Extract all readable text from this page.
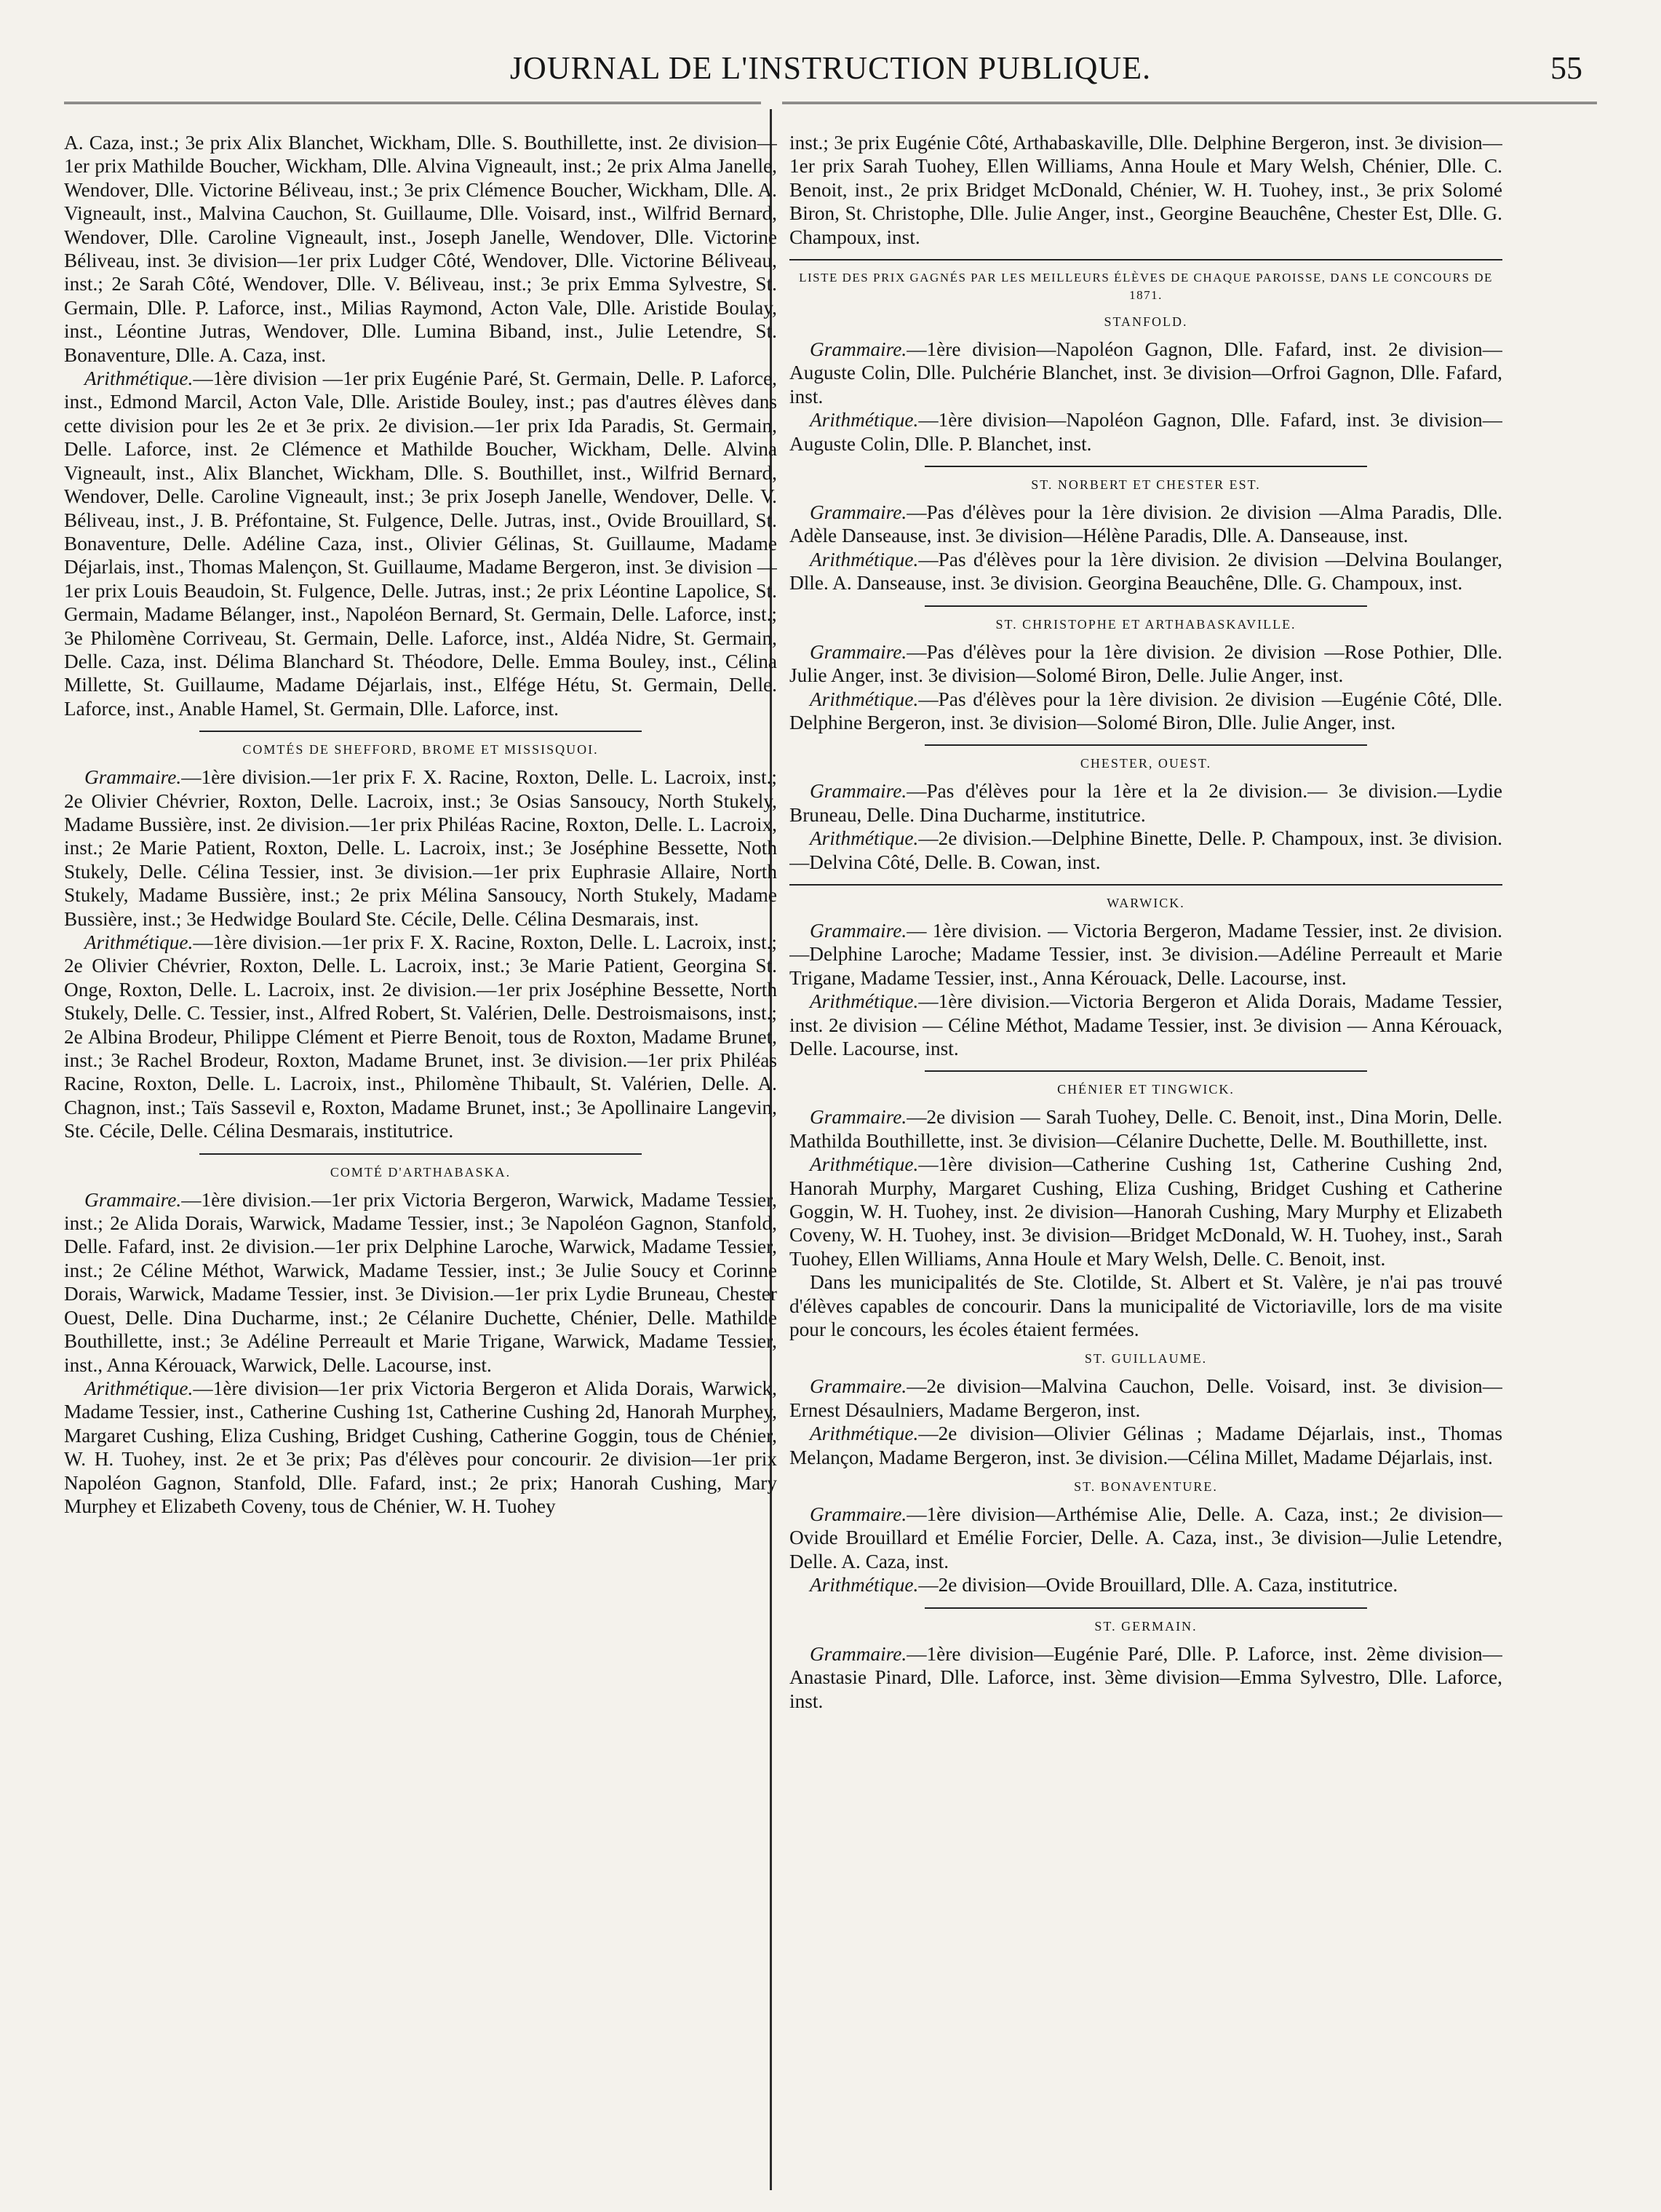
JOURNAL DE L'INSTRUCTION PUBLIQUE.	55

A. Caza, inst.; 3e prix Alix Blanchet, Wickham, Dlle. S. Bouthillette, inst. 2e division—1er prix Mathilde Boucher, Wickham, Dlle. Alvina Vigneault, inst.; 2e prix Alma Janelle, Wendover, Dlle. Victorine Béliveau, inst.; 3e prix Clémence Boucher, Wickham, Dlle. A. Vigneault, inst., Malvina Cauchon, St. Guillaume, Dlle. Voisard, inst., Wilfrid Bernard, Wendover, Dlle. Caroline Vigneault, inst., Joseph Janelle, Wendover, Dlle. Victorine Béliveau, inst. 3e division—1er prix Ludger Côté, Wendover, Dlle. Victorine Béliveau, inst.; 2e Sarah Côté, Wendover, Dlle. V. Béliveau, inst.; 3e prix Emma Sylvestre, St. Germain, Dlle. P. Laforce, inst., Milias Raymond, Acton Vale, Dlle. Aristide Boulay, inst., Léontine Jutras, Wendover, Dlle. Lumina Biband, inst., Julie Letendre, St. Bonaventure, Dlle. A. Caza, inst.

Arithmétique.—1ère division —1er prix Eugénie Paré, St. Germain, Delle. P. Laforce, inst., Edmond Marcil, Acton Vale, Dlle. Aristide Bouley, inst.; pas d'autres élèves dans cette division pour les 2e et 3e prix. 2e division.—1er prix Ida Paradis, St. Germain, Delle. Laforce, inst. 2e Clémence et Mathilde Boucher, Wickham, Delle. Alvina Vigneault, inst., Alix Blanchet, Wickham, Dlle. S. Bouthillet, inst., Wilfrid Bernard, Wendover, Delle. Caroline Vigneault, inst.; 3e prix Joseph Janelle, Wendover, Delle. V. Béliveau, inst., J. B. Préfontaine, St. Fulgence, Delle. Jutras, inst., Ovide Brouillard, St. Bonaventure, Delle. Adéline Caza, inst., Olivier Gélinas, St. Guillaume, Madame Déjarlais, inst., Thomas Malençon, St. Guillaume, Madame Bergeron, inst. 3e division — 1er prix Louis Beaudoin, St. Fulgence, Delle. Jutras, inst.; 2e prix Léontine Lapolice, St. Germain, Madame Bélanger, inst., Napoléon Bernard, St. Germain, Delle. Laforce, inst.; 3e Philomène Corriveau, St. Germain, Delle. Laforce, inst., Aldéa Nidre, St. Germain, Delle. Caza, inst. Délima Blanchard St. Théodore, Delle. Emma Bouley, inst., Célina Millette, St. Guillaume, Madame Déjarlais, inst., Elfége Hétu, St. Germain, Delle. Laforce, inst., Anable Hamel, St. Germain, Dlle. Laforce, inst.

COMTÉS DE SHEFFORD, BROME ET MISSISQUOI.

Grammaire.—1ère division.—1er prix F. X. Racine, Roxton, Delle. L. Lacroix, inst.; 2e Olivier Chévrier, Roxton, Delle. Lacroix, inst.; 3e Osias Sansoucy, North Stukely, Madame Bussière, inst. 2e division.—1er prix Philéas Racine, Roxton, Delle. L. Lacroix, inst.; 2e Marie Patient, Roxton, Delle. L. Lacroix, inst.; 3e Joséphine Bessette, Noth Stukely, Delle. Célina Tessier, inst. 3e division.—1er prix Euphrasie Allaire, North Stukely, Madame Bussière, inst.; 2e prix Mélina Sansoucy, North Stukely, Madame Bussière, inst.; 3e Hedwidge Boulard Ste. Cécile, Delle. Célina Desmarais, inst.

Arithmétique.—1ère division.—1er prix F. X. Racine, Roxton, Delle. L. Lacroix, inst.; 2e Olivier Chévrier, Roxton, Delle. L. Lacroix, inst.; 3e Marie Patient, Georgina St. Onge, Roxton, Delle. L. Lacroix, inst. 2e division.—1er prix Joséphine Bessette, North Stukely, Delle. C. Tessier, inst., Alfred Robert, St. Valérien, Delle. Destroismaisons, inst.; 2e Albina Brodeur, Philippe Clément et Pierre Benoit, tous de Roxton, Madame Brunet, inst.; 3e Rachel Brodeur, Roxton, Madame Brunet, inst. 3e division.—1er prix Philéas Racine, Roxton, Delle. L. Lacroix, inst., Philomène Thibault, St. Valérien, Delle. A. Chagnon, inst.; Taïs Sassevil e, Roxton, Madame Brunet, inst.; 3e Apollinaire Langevin, Ste. Cécile, Delle. Célina Desmarais, institutrice.

COMTÉ D'ARTHABASKA.

Grammaire.—1ère division.—1er prix Victoria Bergeron, Warwick, Madame Tessier, inst.; 2e Alida Dorais, Warwick, Madame Tessier, inst.; 3e Napoléon Gagnon, Stanfold, Delle. Fafard, inst. 2e division.—1er prix Delphine Laroche, Warwick, Madame Tessier, inst.; 2e Céline Méthot, Warwick, Madame Tessier, inst.; 3e Julie Soucy et Corinne Dorais, Warwick, Madame Tessier, inst. 3e Division.—1er prix Lydie Bruneau, Chester Ouest, Delle. Dina Ducharme, inst.; 2e Célanire Duchette, Chénier, Delle. Mathilde Bouthillette, inst.; 3e Adéline Perreault et Marie Trigane, Warwick, Madame Tessier, inst., Anna Kérouack, Warwick, Delle. Lacourse, inst.

Arithmétique.—1ère division—1er prix Victoria Bergeron et Alida Dorais, Warwick, Madame Tessier, inst., Catherine Cushing 1st, Catherine Cushing 2d, Hanorah Murphey, Margaret Cushing, Eliza Cushing, Bridget Cushing, Catherine Goggin, tous de Chénier, W. H. Tuohey, inst. 2e et 3e prix; Pas d'élèves pour concourir. 2e division—1er prix Napoléon Gagnon, Stanfold, Dlle. Fafard, inst.; 2e prix; Hanorah Cushing, Mary Murphey et Elizabeth Coveny, tous de Chénier, W. H. Tuohey

inst.; 3e prix Eugénie Côté, Arthabaskaville, Dlle. Delphine Bergeron, inst. 3e division—1er prix Sarah Tuohey, Ellen Williams, Anna Houle et Mary Welsh, Chénier, Dlle. C. Benoit, inst., 2e prix Bridget McDonald, Chénier, W. H. Tuohey, inst., 3e prix Solomé Biron, St. Christophe, Dlle. Julie Anger, inst., Georgine Beauchêne, Chester Est, Dlle. G. Champoux, inst.

LISTE DES PRIX GAGNÉS PAR LES MEILLEURS ÉLÈVES DE CHAQUE PAROISSE, DANS LE CONCOURS DE 1871.
STANFOLD.

Grammaire.—1ère division—Napoléon Gagnon, Dlle. Fafard, inst. 2e division—Auguste Colin, Dlle. Pulchérie Blanchet, inst. 3e division—Orfroi Gagnon, Dlle. Fafard, inst.

Arithmétique.—1ère division—Napoléon Gagnon, Dlle. Fafard, inst. 3e division—Auguste Colin, Dlle. P. Blanchet, inst.

ST. NORBERT ET CHESTER EST.

Grammaire.—Pas d'élèves pour la 1ère division. 2e division —Alma Paradis, Dlle. Adèle Danseause, inst. 3e division—Hélène Paradis, Dlle. A. Danseause, inst.

Arithmétique.—Pas d'élèves pour la 1ère division. 2e division —Delvina Boulanger, Dlle. A. Danseause, inst. 3e division. Georgina Beauchêne, Dlle. G. Champoux, inst.

ST. CHRISTOPHE ET ARTHABASKAVILLE.

Grammaire.—Pas d'élèves pour la 1ère division. 2e division —Rose Pothier, Dlle. Julie Anger, inst. 3e division—Solomé Biron, Delle. Julie Anger, inst.

Arithmétique.—Pas d'élèves pour la 1ère division. 2e division —Eugénie Côté, Dlle. Delphine Bergeron, inst. 3e division—Solomé Biron, Dlle. Julie Anger, inst.

CHESTER, OUEST.

Grammaire.—Pas d'élèves pour la 1ère et la 2e division.— 3e division.—Lydie Bruneau, Delle. Dina Ducharme, institutrice.

Arithmétique.—2e division.—Delphine Binette, Delle. P. Champoux, inst. 3e division.—Delvina Côté, Delle. B. Cowan, inst.

WARWICK.

Grammaire.— 1ère division. — Victoria Bergeron, Madame Tessier, inst. 2e division.—Delphine Laroche; Madame Tessier, inst. 3e division.—Adéline Perreault et Marie Trigane, Madame Tessier, inst., Anna Kérouack, Delle. Lacourse, inst.

Arithmétique.—1ère division.—Victoria Bergeron et Alida Dorais, Madame Tessier, inst. 2e division — Céline Méthot, Madame Tessier, inst. 3e division — Anna Kérouack, Delle. Lacourse, inst.

CHÉNIER ET TINGWICK.

Grammaire.—2e division — Sarah Tuohey, Delle. C. Benoit, inst., Dina Morin, Delle. Mathilda Bouthillette, inst. 3e division—Célanire Duchette, Delle. M. Bouthillette, inst.

Arithmétique.—1ère division—Catherine Cushing 1st, Catherine Cushing 2nd, Hanorah Murphy, Margaret Cushing, Eliza Cushing, Bridget Cushing et Catherine Goggin, W. H. Tuohey, inst. 2e division—Hanorah Cushing, Mary Murphy et Elizabeth Coveny, W. H. Tuohey, inst. 3e division—Bridget McDonald, W. H. Tuohey, inst., Sarah Tuohey, Ellen Williams, Anna Houle et Mary Welsh, Delle. C. Benoit, inst.

Dans les municipalités de Ste. Clotilde, St. Albert et St. Valère, je n'ai pas trouvé d'élèves capables de concourir. Dans la municipalité de Victoriaville, lors de ma visite pour le concours, les écoles étaient fermées.

ST. GUILLAUME.

Grammaire.—2e division—Malvina Cauchon, Delle. Voisard, inst. 3e division—Ernest Désaulniers, Madame Bergeron, inst.

Arithmétique.—2e division—Olivier Gélinas ; Madame Déjarlais, inst., Thomas Melançon, Madame Bergeron, inst. 3e division.—Célina Millet, Madame Déjarlais, inst.

ST. BONAVENTURE.

Grammaire.—1ère division—Arthémise Alie, Delle. A. Caza, inst.; 2e division—Ovide Brouillard et Emélie Forcier, Delle. A. Caza, inst., 3e division—Julie Letendre, Delle. A. Caza, inst.

Arithmétique.—2e division—Ovide Brouillard, Dlle. A. Caza, institutrice.

ST. GERMAIN.

Grammaire.—1ère division—Eugénie Paré, Dlle. P. Laforce, inst. 2ème division—Anastasie Pinard, Dlle. Laforce, inst. 3ème division—Emma Sylvestro, Dlle. Laforce, inst.
